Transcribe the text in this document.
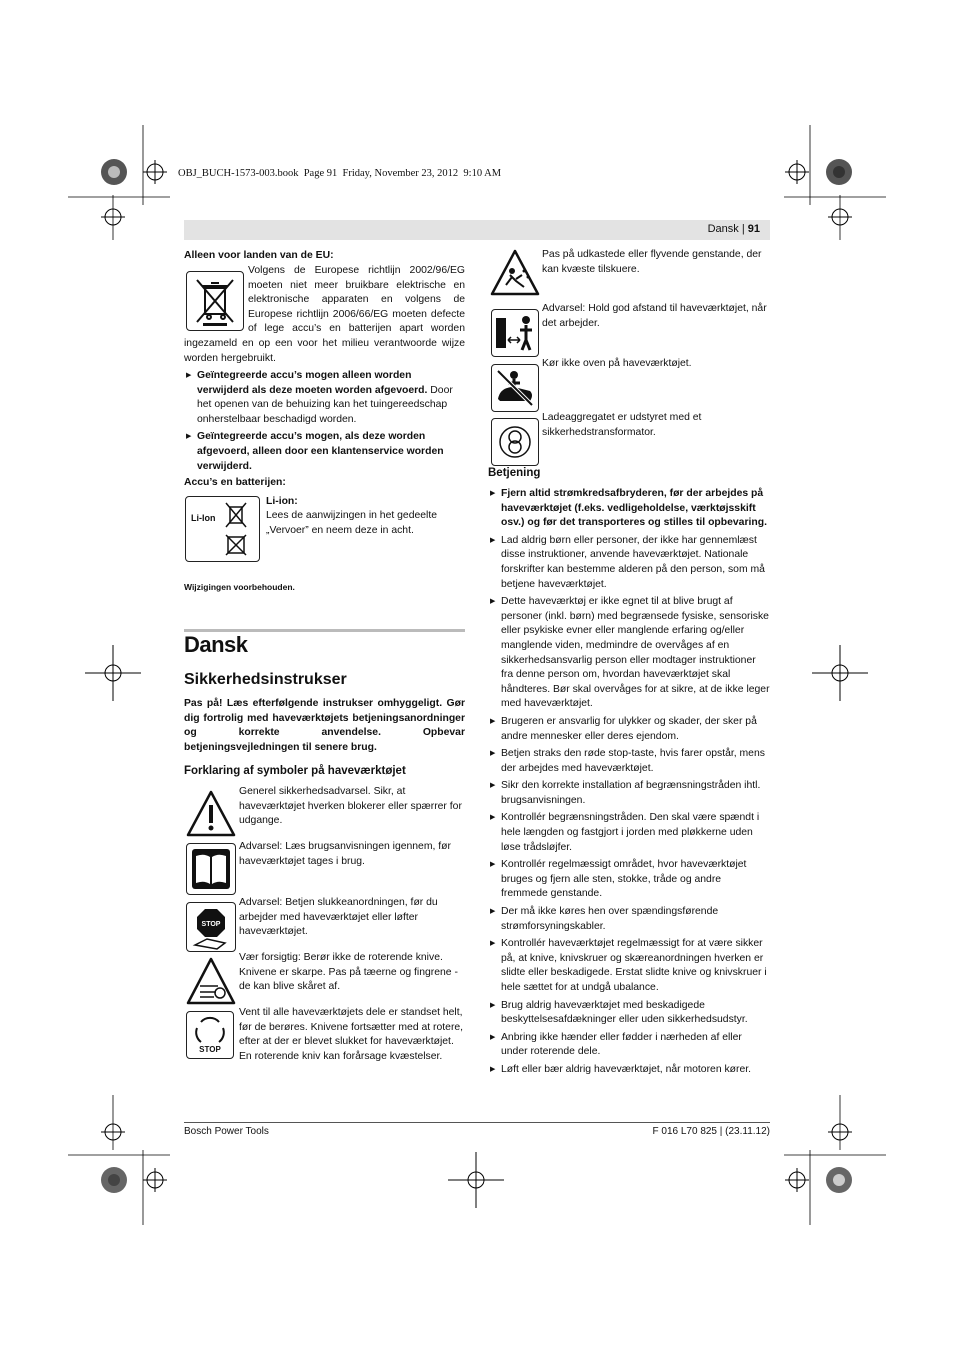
OBJ_BUCH-1573-003.book  Page 91  Friday, November 23, 2012  9:10 AM
Dansk | 91
Alleen voor landen van de EU:
Volgens de Europese richtlijn 2002/96/EG moeten niet meer bruikbare elektrische en elektronische apparaten en volgens de Europese richtlijn 2006/66/EG moeten defecte of lege accu’s en batterijen apart worden ingezameld en op een voor het milieu verantwoorde wijze worden hergebruikt.
▶ Geïntegreerde accu’s mogen alleen worden verwijderd als deze moeten worden afgevoerd. Door het openen van de behuizing kan het tuingereedschap onherstelbaar beschadigd worden.
▶ Geïntegreerde accu’s mogen, als deze worden afgevoerd, alleen door een klantenservice worden verwijderd.
Accu’s en batterijen:
Li-Ion
Li-ion:
Lees de aanwijzingen in het gedeelte „Vervoer” en neem deze in acht.
Wijzigingen voorbehouden.
Dansk
Sikkerhedsinstrukser
Pas på! Læs efterfølgende instrukser omhyggeligt. Gør dig fortrolig med haveværktøjets betjeningsanordninger og korrekte anvendelse. Opbevar betjeningsvejledningen til senere brug.
Forklaring af symboler på haveværktøjet
STOP
STOP
Generel sikkerhedsadvarsel. Sikr, at haveværktøjet hverken blokerer eller spærrer for udgange.
Advarsel: Læs brugsanvisningen igennem, før haveværktøjet tages i brug.
Advarsel: Betjen slukkeanordningen, før du arbejder med haveværktøjet eller løfter haveværktøjet.
Vær forsigtig: Berør ikke de roterende knive. Knivene er skarpe. Pas på tæerne og fingrene - de kan blive skåret af.
Vent til alle haveværktøjets dele er standset helt, før de berøres. Knivene fortsætter med at rotere, efter at der er blevet slukket for haveværktøjet. En roterende kniv kan forårsage kvæstelser.
Pas på udkastede eller flyvende genstande, der kan kvæste tilskuere.
Advarsel: Hold god afstand til haveværktøjet, når det arbejder.
Kør ikke oven på haveværktøjet.
Ladeaggregatet er udstyret med et sikkerhedstransformator.
Betjening
▶ Fjern altid strømkredsafbryderen, før der arbejdes på haveværktøjet (f.eks. vedligeholdelse, værktøjsskift osv.) og før det transporteres og stilles til opbevaring.
▶ Lad aldrig børn eller personer, der ikke har gennemlæst disse instruktioner, anvende haveværktøjet. Nationale forskrifter kan bestemme alderen på den person, som må betjene haveværktøjet.
▶ Dette haveværktøj er ikke egnet til at blive brugt af personer (inkl. børn) med begrænsede fysiske, sensoriske eller psykiske evner eller manglende erfaring og/eller manglende viden, medmindre de overvåges af en sikkerhedsansvarlig person eller modtager instruktioner fra denne person om, hvordan haveværktøjet skal håndteres. Bør skal overvåges for at sikre, at de ikke leger med haveværktøjet.
▶ Brugeren er ansvarlig for ulykker og skader, der sker på andre mennesker eller deres ejendom.
▶ Betjen straks den røde stop-taste, hvis farer opstår, mens der arbejdes med haveværktøjet.
▶ Sikr den korrekte installation af begrænsningstråden ihtl. brugsanvisningen.
▶ Kontrollér begrænsningstråden. Den skal være spændt i hele længden og fastgjort i jorden med pløkkerne uden løse trådsløjfer.
▶ Kontrollér regelmæssigt området, hvor haveværktøjet bruges og fjern alle sten, stokke, tråde og andre fremmede genstande.
▶ Der må ikke køres hen over spændingsførende strømforsyningskabler.
▶ Kontrollér haveværktøjet regelmæssigt for at være sikker på, at knive, knivskruer og skæreanordningen hverken er slidte eller beskadigede. Erstat slidte knive og knivskruer i hele sættet for at undgå ubalance.
▶ Brug aldrig haveværktøjet med beskadigede beskyttelsesafdækninger eller uden sikkerhedsudstyr.
▶ Anbring ikke hænder eller fødder i nærheden af eller under roterende dele.
▶ Løft eller bær aldrig haveværktøjet, når motoren kører.
Bosch Power Tools	F 016 L70 825 | (23.11.12)
